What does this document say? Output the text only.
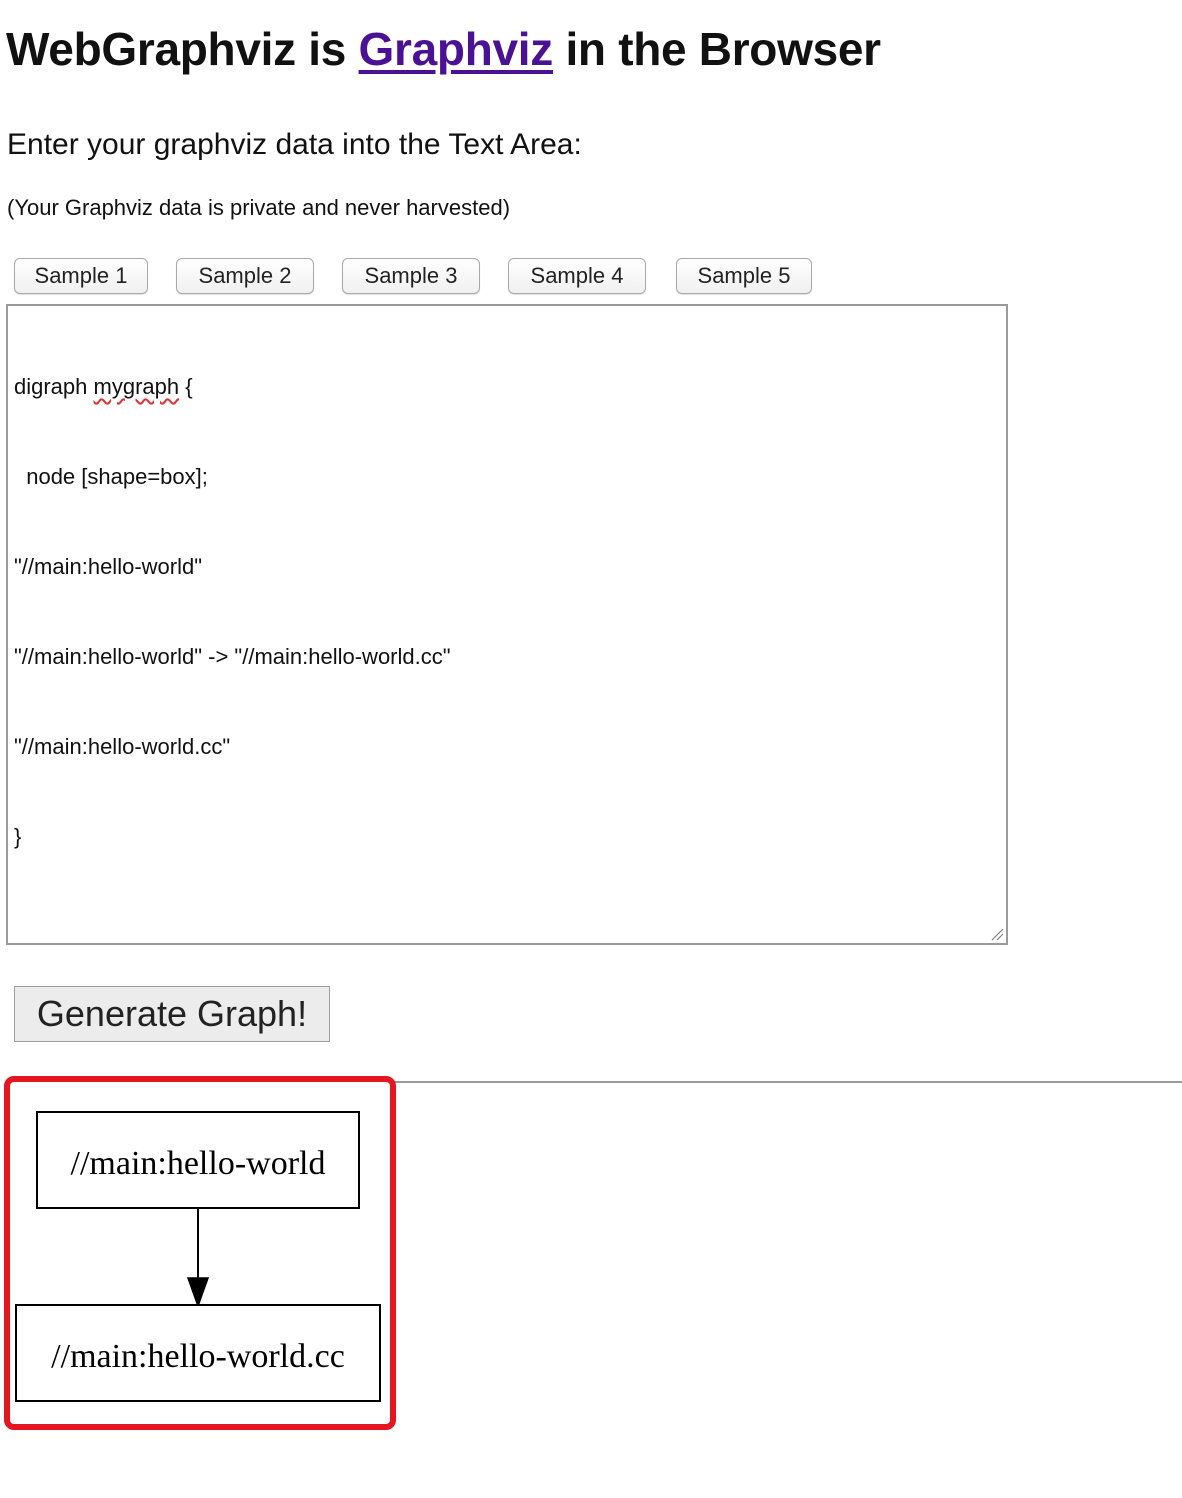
WebGraphviz is Graphviz in the Browser
Enter your graphviz data into the Text Area:
(Your Graphviz data is private and never harvested)
Sample 1	Sample 2	Sample 3	Sample 4	Sample 5

digraph mygraph {

node [shape=box];

"//main:hello-world"

"//main:hello-world" -> "//main:hello-world.cc"

"//main:hello-world.cc"

}

Generate Graph!
//main:hello-world
//main:hello-world.cc
